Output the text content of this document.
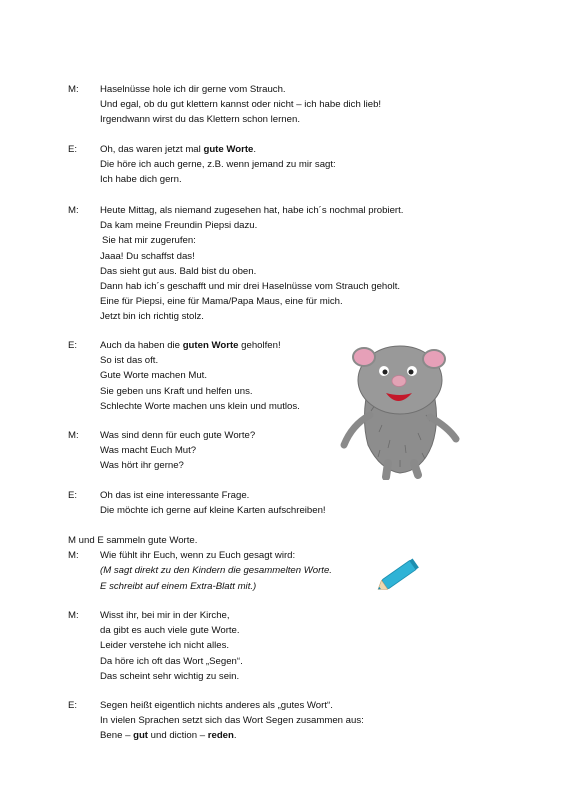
M: Haselnüsse hole ich dir gerne vom Strauch.
Und egal, ob du gut klettern kannst oder nicht – ich habe dich lieb!
Irgendwann wirst du das Klettern schon lernen.
E: Oh, das waren jetzt mal gute Worte.
Die höre ich auch gerne, z.B. wenn jemand zu mir sagt:
Ich habe dich gern.
M: Heute Mittag, als niemand zugesehen hat, habe ich´s nochmal probiert.
Da kam meine Freundin Piepsi dazu.
Sie hat mir zugerufen:
Jaaa! Du schaffst das!
Das sieht gut aus. Bald bist du oben.
Dann hab ich´s geschafft und mir drei Haselnüsse vom Strauch geholt.
Eine für Piepsi, eine für Mama/Papa Maus, eine für mich.
Jetzt bin ich richtig stolz.
E: Auch da haben die guten Worte geholfen!
So ist das oft.
Gute Worte machen Mut.
Sie geben uns Kraft und helfen uns.
Schlechte Worte machen uns klein und mutlos.
M: Was sind denn für euch gute Worte?
Was macht Euch Mut?
Was hört ihr gerne?
E: Oh das ist eine interessante Frage.
Die möchte ich gerne auf kleine Karten aufschreiben!
M und E sammeln gute Worte.
M: Wie fühlt ihr Euch, wenn zu Euch gesagt wird:
(M sagt direkt zu den Kindern die gesammelten Worte.
E schreibt auf einem Extra-Blatt mit.)
M: Wisst ihr, bei mir in der Kirche,
da gibt es auch viele gute Worte.
Leider verstehe ich nicht alles.
Da höre ich oft das Wort „Segen“.
Das scheint sehr wichtig zu sein.
E: Segen heißt eigentlich nichts anderes als „gutes Wort“.
In vielen Sprachen setzt sich das Wort Segen zusammen aus:
Bene – gut und diction – reden.
